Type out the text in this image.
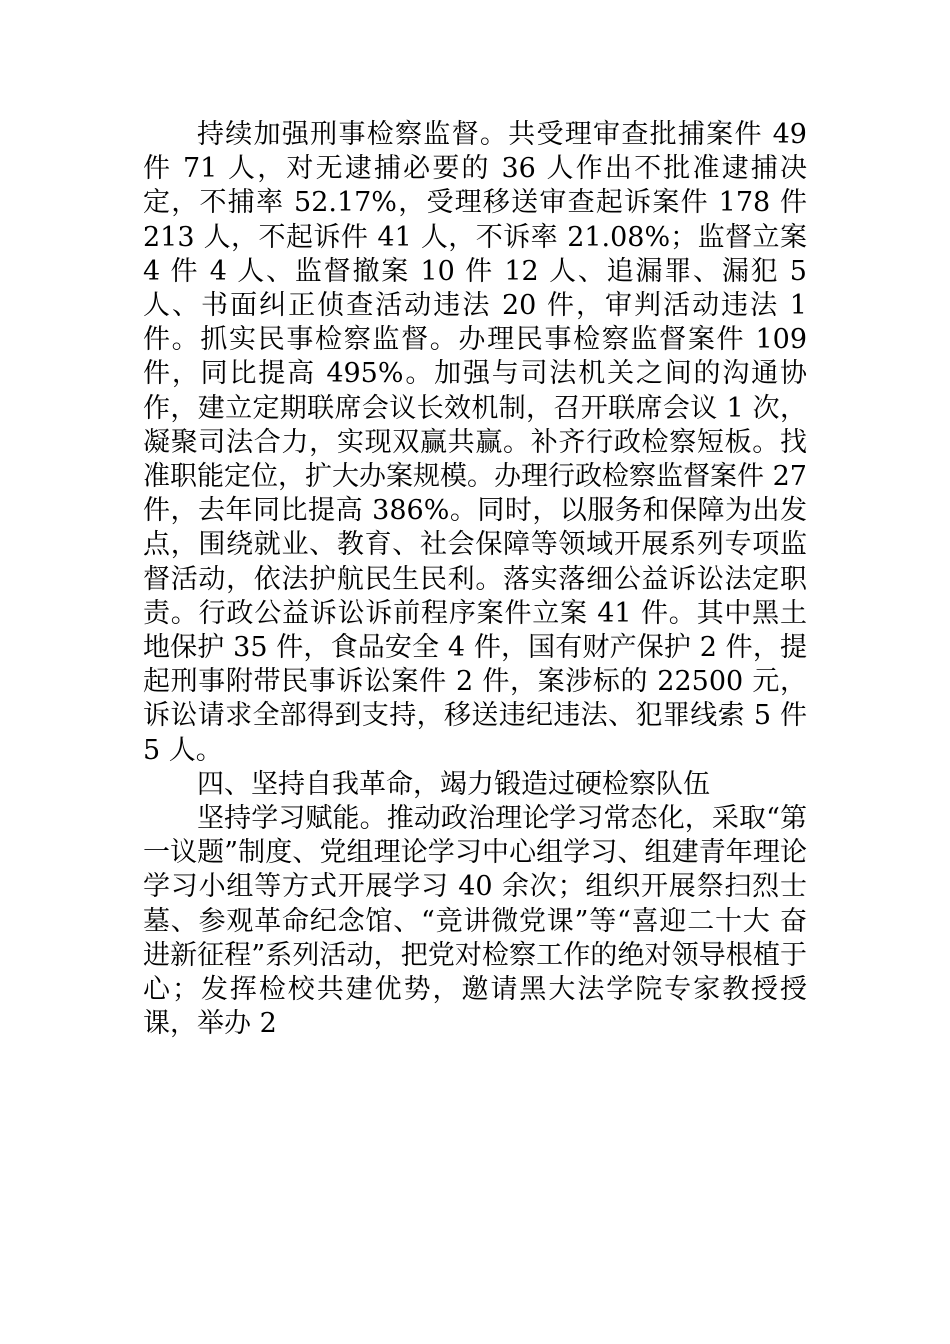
持续加强刑事检察监督。共受理审查批捕案件 49 件 71 人，对无逮捕必要的 36 人作出不批准逮捕决定，不捕率 52.17%，受理移送审查起诉案件 178 件 213 人，不起诉件 41 人，不诉率 21.08%；监督立案 4 件 4 人、监督撤案 10 件 12 人、追漏罪、漏犯 5 人、书面纠正侦查活动违法 20 件，审判活动违法 1 件。抓实民事检察监督。办理民事检察监督案件 109 件，同比提高 495%。加强与司法机关之间的沟通协作，建立定期联席会议长效机制，召开联席会议 1 次，凝聚司法合力，实现双赢共赢。补齐行政检察短板。找准职能定位，扩大办案规模。办理行政检察监督案件 27 件，去年同比提高 386%。同时，以服务和保障为出发点，围绕就业、教育、社会保障等领域开展系列专项监督活动，依法护航民生民利。落实落细公益诉讼法定职责。行政公益诉讼诉前程序案件立案 41 件。其中黑土地保护 35 件，食品安全 4 件，国有财产保护 2 件，提起刑事附带民事诉讼案件 2 件，案涉标的 22500 元，诉讼请求全部得到支持，移送违纪违法、犯罪线索 5 件 5 人。

四、坚持自我革命，竭力锻造过硬检察队伍

坚持学习赋能。推动政治理论学习常态化，采取“第一议题”制度、党组理论学习中心组学习、组建青年理论学习小组等方式开展学习 40 余次；组织开展祭扫烈士墓、参观革命纪念馆、“竞讲微党课”等“喜迎二十大 奋进新征程”系列活动，把党对检察工作的绝对领导根植于心；发挥检校共建优势，邀请黑大法学院专家教授授课，举办 2
